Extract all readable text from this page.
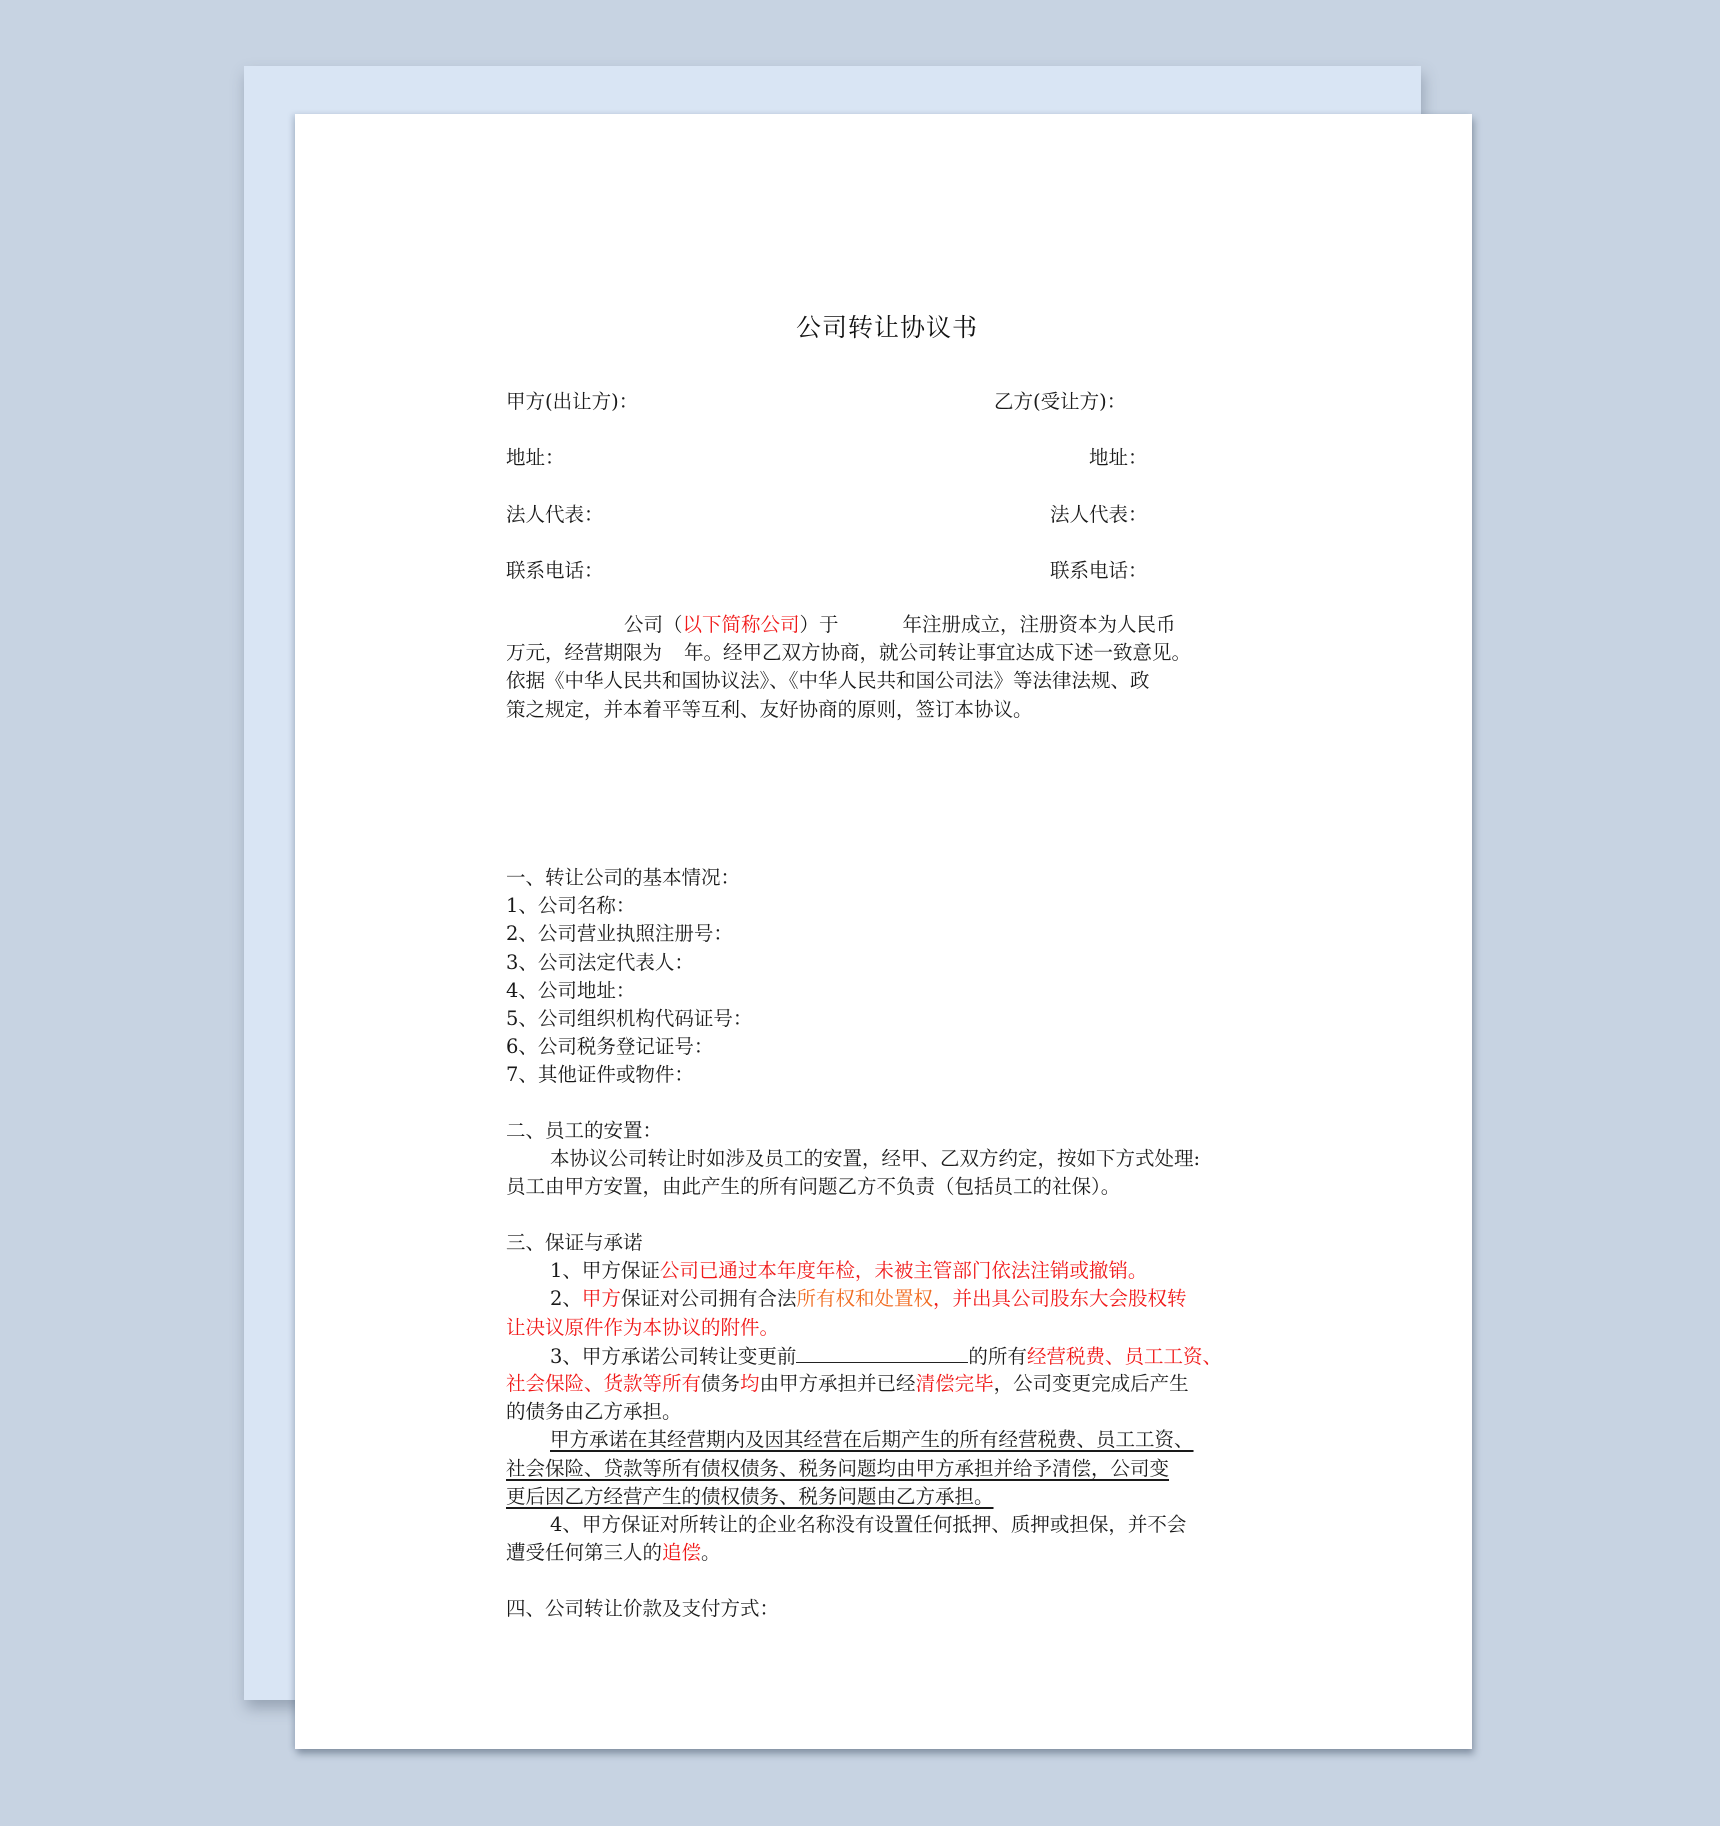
公司转让协议书
甲方(出让方)：	乙方(受让方)：
地址：	地址：
法人代表：	法人代表：
联系电话：	联系电话：
公司（以下简称公司）于	年注册成立，注册资本为人民币
万元，经营期限为 年。经甲乙双方协商，就公司转让事宜达成下述一致意见。
依据《中华人民共和国协议法》、《中华人民共和国公司法》等法律法规、政
策之规定，并本着平等互利、友好协商的原则，签订本协议。
一、转让公司的基本情况：
1、公司名称：
2、公司营业执照注册号：
3、公司法定代表人：
4、公司地址：
5、公司组织机构代码证号：
6、公司税务登记证号：
7、其他证件或物件：
二、员工的安置：
本协议公司转让时如涉及员工的安置，经甲、乙双方约定，按如下方式处理:
员工由甲方安置，由此产生的所有问题乙方不负责（包括员工的社保）。
三、保证与承诺
1、甲方保证公司已通过本年度年检，未被主管部门依法注销或撤销。
2、甲方保证对公司拥有合法所有权和处置权，并出具公司股东大会股权转
让决议原件作为本协议的附件。
3、甲方承诺公司转让变更前	的所有经营税费、员工工资、
社会保险、货款等所有债务均由甲方承担并已经清偿完毕，公司变更完成后产生
的债务由乙方承担。
甲方承诺在其经营期内及因其经营在后期产生的所有经营税费、员工工资、
社会保险、贷款等所有债权债务、税务问题均由甲方承担并给予清偿，公司变
更后因乙方经营产生的债权债务、税务问题由乙方承担。
4、甲方保证对所转让的企业名称没有设置任何抵押、质押或担保，并不会
遭受任何第三人的追偿。
四、公司转让价款及支付方式：
